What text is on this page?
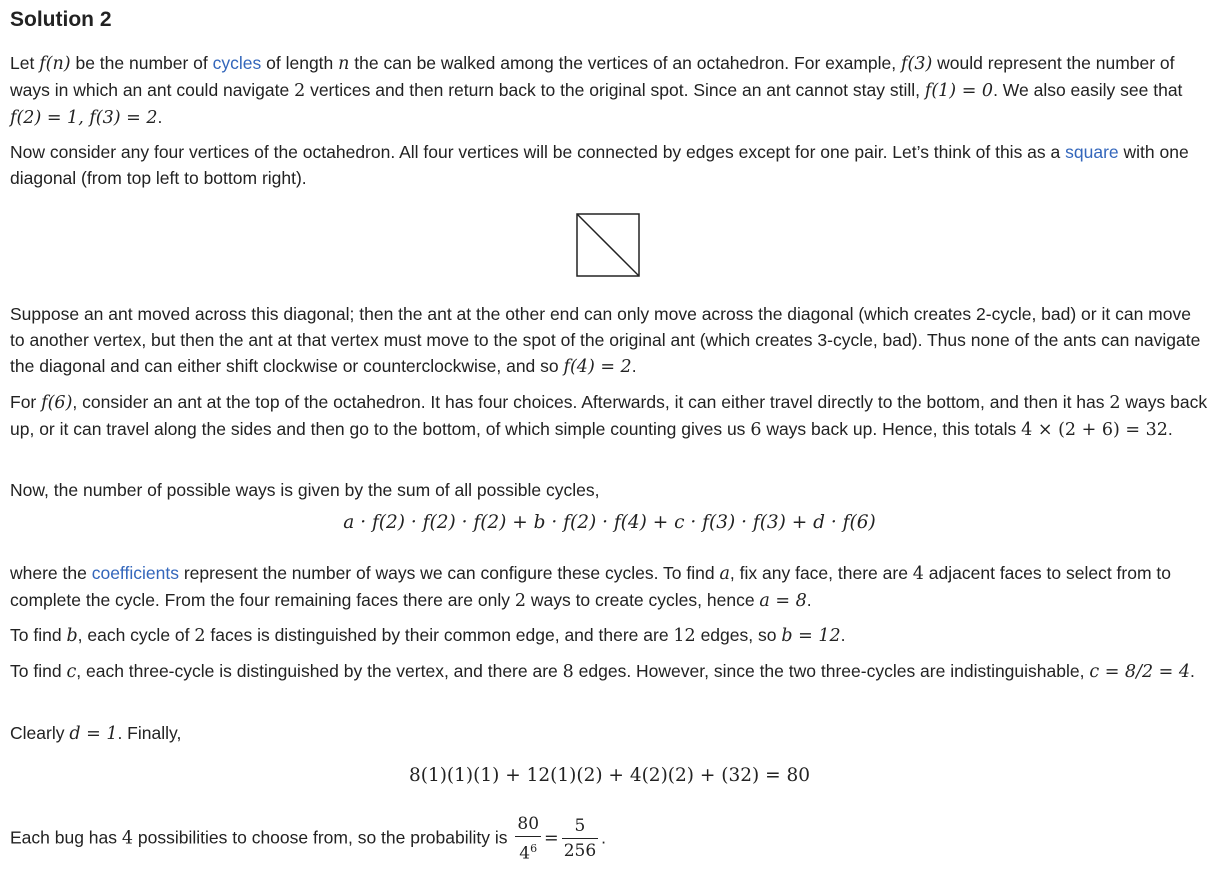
Solution 2

Let f(n) be the number of cycles of length n the can be walked among the vertices of an octahedron. For example, f(3) would represent the number of ways in which an ant could navigate 2 vertices and then return back to the original spot. Since an ant cannot stay still, f(1) = 0. We also easily see that f(2) = 1, f(3) = 2.

Now consider any four vertices of the octahedron. All four vertices will be connected by edges except for one pair. Let’s think of this as a square with one diagonal (from top left to bottom right).

Suppose an ant moved across this diagonal; then the ant at the other end can only move across the diagonal (which creates 2-cycle, bad) or it can move to another vertex, but then the ant at that vertex must move to the spot of the original ant (which creates 3-cycle, bad). Thus none of the ants can navigate the diagonal and can either shift clockwise or counterclockwise, and so f(4) = 2.

For f(6), consider an ant at the top of the octahedron. It has four choices. Afterwards, it can either travel directly to the bottom, and then it has 2 ways back up, or it can travel along the sides and then go to the bottom, of which simple counting gives us 6 ways back up. Hence, this totals 4 × (2 + 6) = 32.

Now, the number of possible ways is given by the sum of all possible cycles,

a · f(2) · f(2) · f(2) + b · f(2) · f(4) + c · f(3) · f(3) + d · f(6)

where the coefficients represent the number of ways we can configure these cycles. To find a, fix any face, there are 4 adjacent faces to select from to complete the cycle. From the four remaining faces there are only 2 ways to create cycles, hence a = 8.

To find b, each cycle of 2 faces is distinguished by their common edge, and there are 12 edges, so b = 12.

To find c, each three-cycle is distinguished by the vertex, and there are 8 edges. However, since the two three-cycles are indistinguishable, c = 8/2 = 4.

Clearly d = 1. Finally,

8(1)(1)(1) + 12(1)(2) + 4(2)(2) + (32) = 80

Each bug has 4 possibilities to choose from, so the probability is $\frac{80}{4^6} = \frac{5}{256}$ .
